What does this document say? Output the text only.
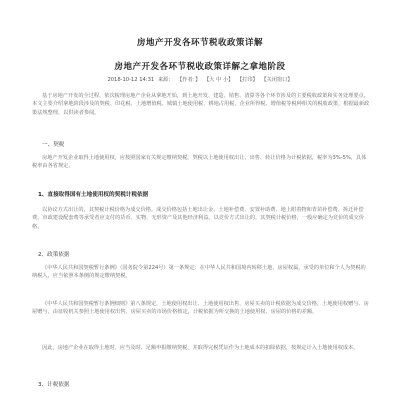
房地产开发各环节税收政策详解
房地产开发各环节税收政策详解之拿地阶段
2018-10-12 14:31 来源： 【作者：】 【大 中 小】 【打印】 【关闭窗口】

基于房地产开发的全过程，依次梳理房地产企业从拿地开始，到土地开发、建造、销售、清算等各个环节涉及的主要税收政策和实务处理要点，本文主要介绍拿地阶段涉及的契税、印花税、土地增值税、城镇土地使用税、耕地占用税、企业所得税、增值税等税种相关的税收政策，根据最新政策法规整理，以供读者参阅。

一、契税

房地产开发企业取得土地使用权，应按照国家有关规定缴纳契税。契税以土地使用权出让、出售、转让价格为计税依据，税率为3%-5%，具体税率由各省规定。

1、直接取得国有土地使用权的契税计税依据

以协议方式出让的，其契税计税价格为成交价格。成交价格包括土地出让金、土地补偿费、安置补助费、地上附着物和青苗补偿费、拆迁补偿费、市政建设配套费等承受者应支付的货币、实物、无形资产及其他经济利益。以竞价方式出让的，其契税计税价格，一般应确定为竞价的成交价格。

2、政策依据

《中华人民共和国契税暂行条例》（国务院令第224号）第一条规定：在中华人民共和国境内转移土地、房屋权属，承受的单位和个人为契税的纳税人，应当依照本条例的规定缴纳契税。

《中华人民共和国契税暂行条例细则》第八条规定，土地使用权出让、土地使用权出售、房屋买卖的计税依据为成交价格，土地使用权赠与、房屋赠与，由征收机关参照土地使用权出售、房屋买卖的市场价格核定，计税依据为所交换的土地使用权、房屋的价格的差额。

因此，房地产企业在取得土地时，应当及时、足额申报缴纳契税，并取得完税凭证作为土地成本的扣除依据，按规定计入土地使用权成本。

3、计税依据
